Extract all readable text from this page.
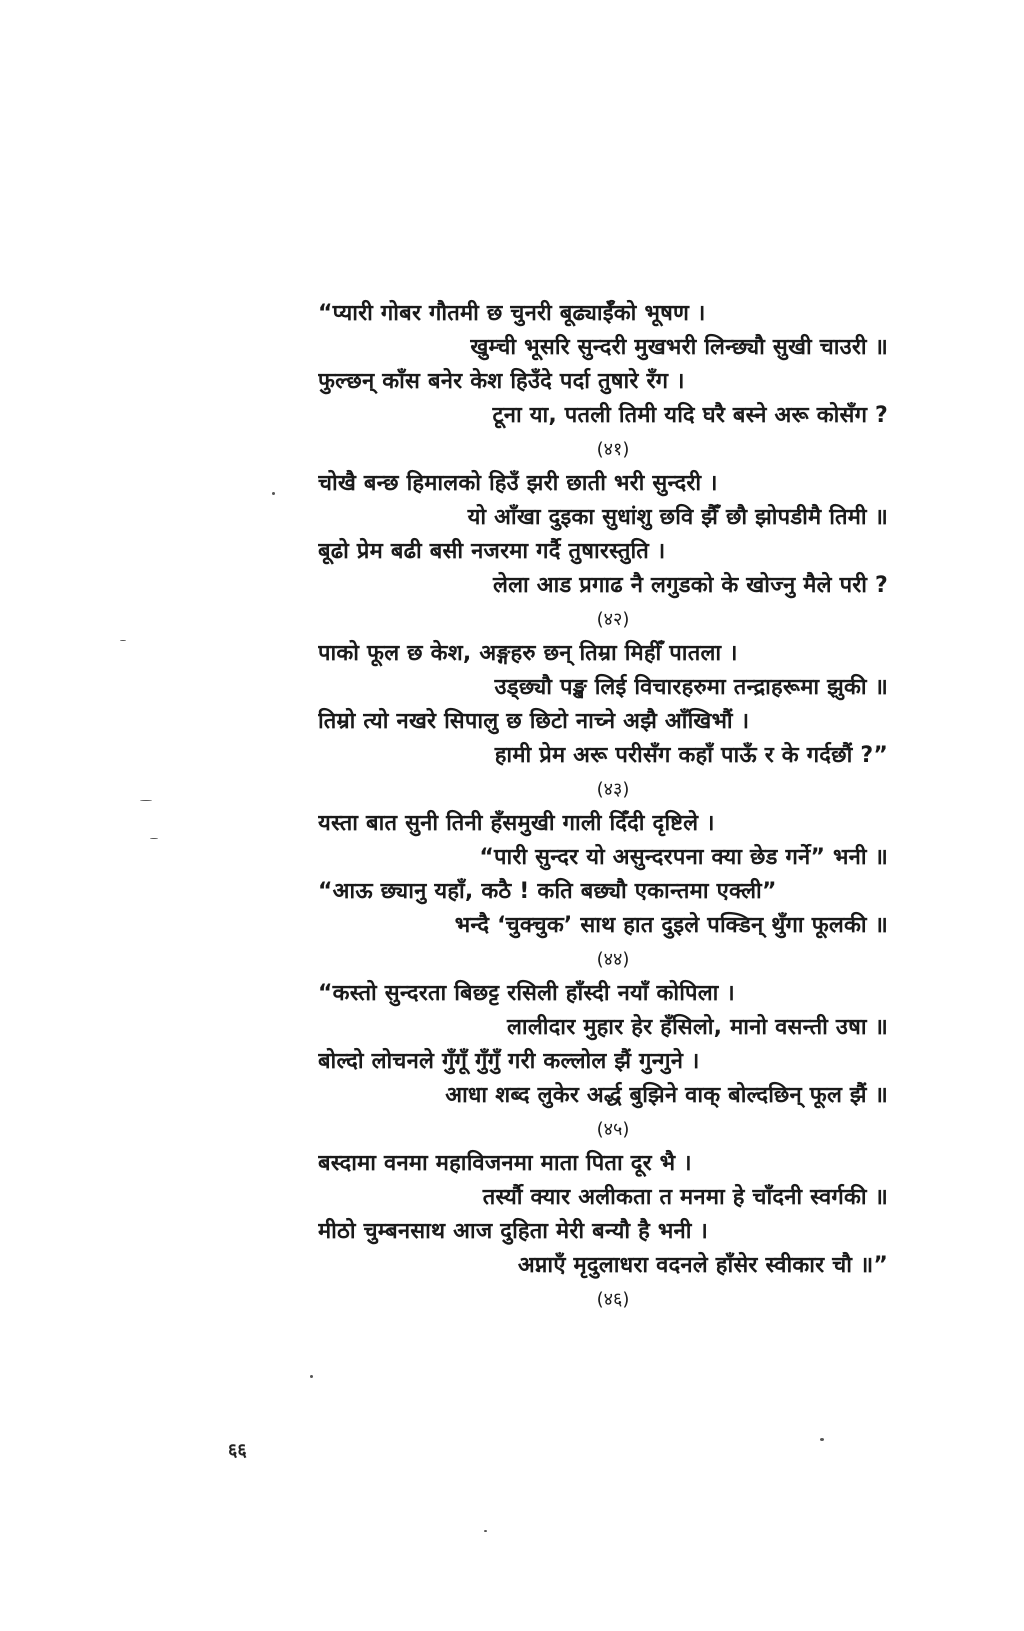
“प्यारी गोबर गौतमी छ चुनरी बूढ्याईँको भूषण ।
खुम्ची भूसरि सुन्दरी मुखभरी लिन्छ्यौ सुखी चाउरी ॥
फुल्छन् काँस बनेर केश हिउँदे पर्दा तुषारे रँग ।
टूना या, पतली तिमी यदि घरै बस्ने अरू कोसँग ?
(४१)
चोखै बन्छ हिमालको हिउँ झरी छाती भरी सुन्दरी ।
यो आँखा दुइका सुधांशु छवि झैँ छौ झोपडीमै तिमी ॥
बूढो प्रेम बढी बसी नजरमा गर्दै तुषारस्तुति ।
लेला आड प्रगाढ नै लगुडको के खोज्नु मैले परी ?
(४२)
पाको फूल छ केश, अङ्गहरु छन् तिम्रा मिहीँ पातला ।
उड्छ्यौ पङ्ख लिई विचारहरुमा तन्द्राहरूमा झुकी ॥
तिम्रो त्यो नखरे सिपालु छ छिटो नाच्ने अझै आँखिभौं ।
हामी प्रेम अरू परीसँग कहाँ पाऊँ र के गर्दछौं ?”
(४३)
यस्ता बात सुनी तिनी हँसमुखी गाली दिँदी दृष्टिले ।
“पारी सुन्दर यो असुन्दरपना क्या छेड गर्ने” भनी ॥
“आऊ छ्यानु यहाँ, कठै ! कति बछ्यौ एकान्तमा एक्ली”
भन्दै ‘चुक्चुक’ साथ हात दुइले पक्डिन् थुँगा फूलकी ॥
(४४)
“कस्तो सुन्दरता बिछट्ट रसिली हाँस्दी नयाँ कोपिला ।
लालीदार मुहार हेर हँसिलो, मानो वसन्ती उषा ॥
बोल्दो लोचनले गुँगूँ गुँगुँ गरी कल्लोल झैं गुन्गुने ।
आधा शब्द लुकेर अर्द्ध बुझिने वाक् बोल्दछिन् फूल झैं ॥
(४५)
बस्दामा वनमा महाविजनमा माता पिता दूर भै ।
तर्स्यौ क्यार अलीकता त मनमा हे चाँदनी स्वर्गकी ॥
मीठो चुम्बनसाथ आज दुहिता मेरी बन्यौ है भनी ।
अप्नाएँ मृदुलाधरा वदनले हाँसेर स्वीकार चौ ॥”
(४६)
६६
